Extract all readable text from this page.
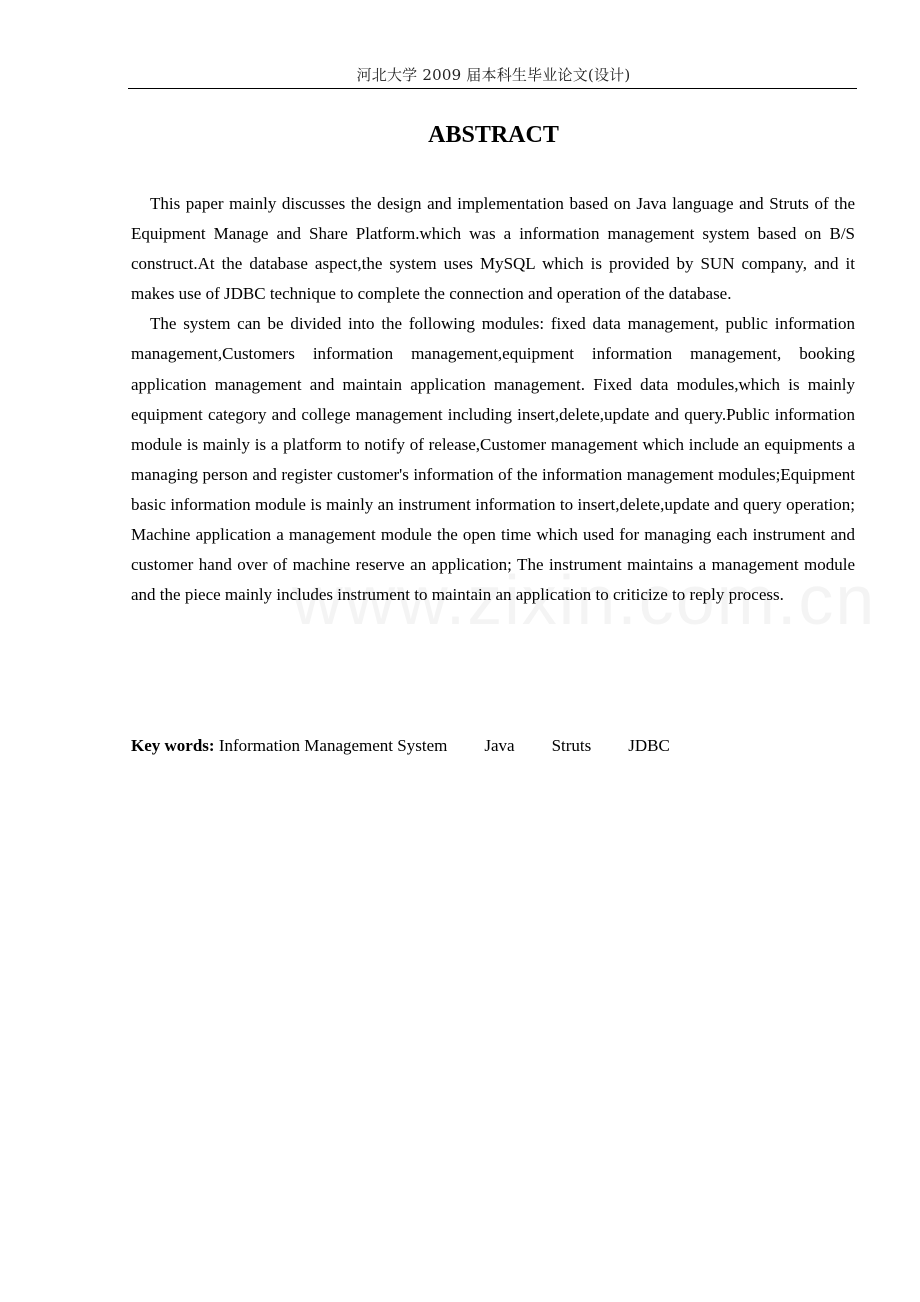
河北大学 2009 届本科生毕业论文(设计)
ABSTRACT

This paper mainly discusses the design and implementation based on Java language and Struts of the Equipment Manage and Share Platform.which was a information management system based on B/S construct.At the database aspect,the system uses MySQL which is provided by SUN company, and it makes use of JDBC technique to complete the connection and operation of the database.

The system can be divided into the following modules: fixed data management, public information management,Customers information management,equipment information management, booking application management and maintain application management. Fixed data modules,which is mainly equipment category and college management including insert,delete,update and query.Public information module is mainly is a platform to notify of release,Customer management which include an equipments a managing person and register customer's information of the information management modules;Equipment basic information module is mainly an instrument information to insert,delete,update and query operation; Machine application a management module the open time which used for managing each instrument and customer hand over of machine reserve an application; The instrument maintains a management module and the piece mainly includes instrument to maintain an application to criticize to reply process.

Key words: Information Management System Java Struts JDBC
